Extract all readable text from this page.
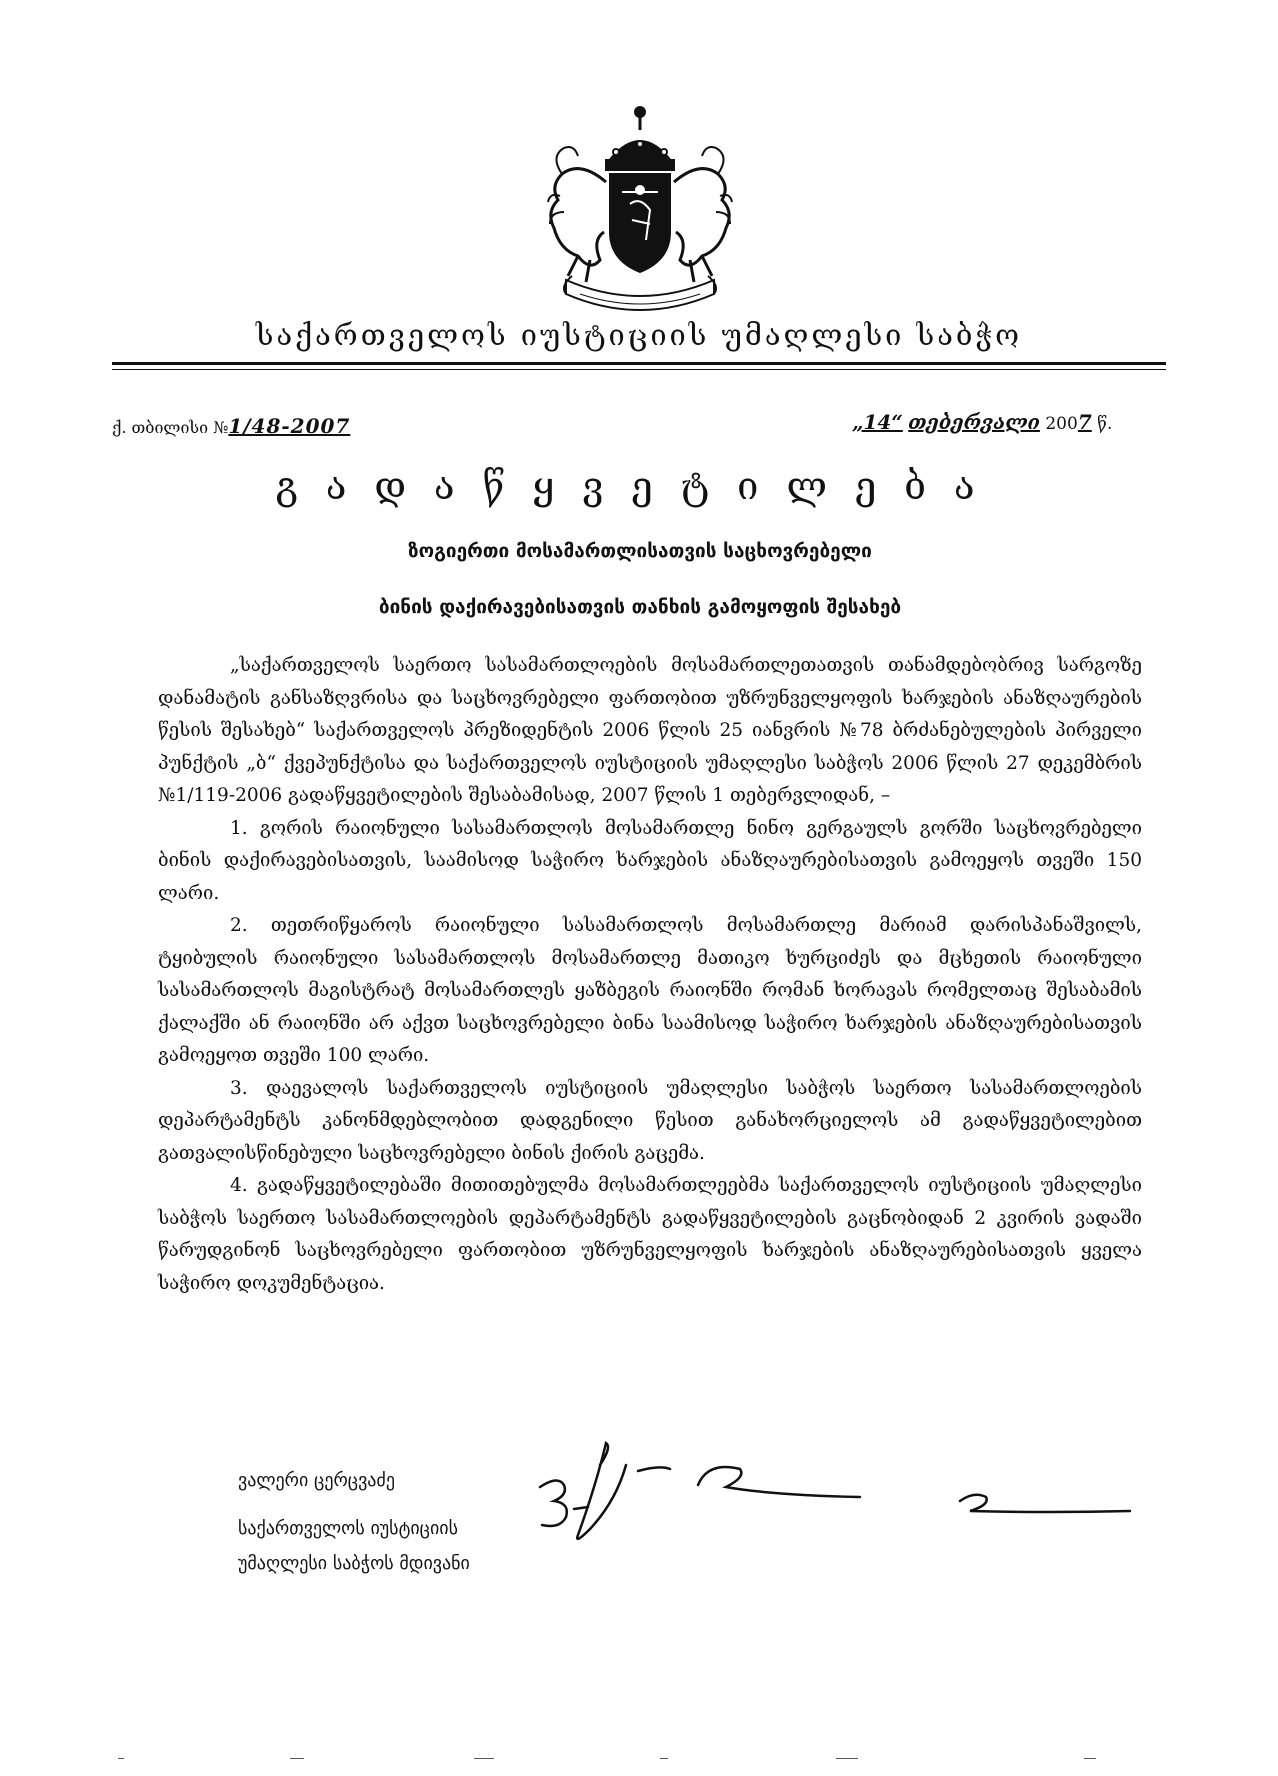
საქართველოს იუსტიციის უმაღლესი საბჭო
ქ. თბილისი №1/48-2007	„14“ თებერვალი 2007 წ.
გადაწყვეტილება
ზოგიერთი მოსამართლისათვის საცხოვრებელი
ბინის დაქირავებისათვის თანხის გამოყოფის შესახებ

„საქართველოს საერთო სასამართლოების მოსამართლეთათვის თანამდებობრივ სარგოზე დანამატის განსაზღვრისა და საცხოვრებელი ფართობით უზრუნველყოფის ხარჯების ანაზღაურების წესის შესახებ“ საქართველოს პრეზიდენტის 2006 წლის 25 იანვრის №78 ბრძანებულების პირველი პუნქტის „ბ“ ქვეპუნქტისა და საქართველოს იუსტიციის უმაღლესი საბჭოს 2006 წლის 27 დეკემბრის №1/119-2006 გადაწყვეტილების შესაბამისად, 2007 წლის 1 თებერვლიდან, –

1. გორის რაიონული სასამართლოს მოსამართლე ნინო გერგაულს გორში საცხოვრებელი ბინის დაქირავებისათვის, საამისოდ საჭირო ხარჯების ანაზღაურებისათვის გამოეყოს თვეში 150 ლარი.

2. თეთრიწყაროს რაიონული სასამართლოს მოსამართლე მარიამ დარისპანაშვილს, ტყიბულის რაიონული სასამართლოს მოსამართლე მათიკო ხურციძეს და მცხეთის რაიონული სასამართლოს მაგისტრატ მოსამართლეს ყაზბეგის რაიონში რომან ხორავას რომელთაც შესაბამის ქალაქში ან რაიონში არ აქვთ საცხოვრებელი ბინა საამისოდ საჭირო ხარჯების ანაზღაურებისათვის გამოეყოთ თვეში 100 ლარი.

3. დაევალოს საქართველოს იუსტიციის უმაღლესი საბჭოს საერთო სასამართლოების დეპარტამენტს კანონმდებლობით დადგენილი წესით განახორციელოს ამ გადაწყვეტილებით გათვალისწინებული საცხოვრებელი ბინის ქირის გაცემა.

4. გადაწყვეტილებაში მითითებულმა მოსამართლეებმა საქართველოს იუსტიციის უმაღლესი საბჭოს საერთო სასამართლოების დეპარტამენტს გადაწყვეტილების გაცნობიდან 2 კვირის ვადაში წარუდგინონ საცხოვრებელი ფართობით უზრუნველყოფის ხარჯების ანაზღაურებისათვის ყველა საჭირო დოკუმენტაცია.

ვალერი ცერცვაძე
საქართველოს იუსტიციის
უმაღლესი საბჭოს მდივანი
